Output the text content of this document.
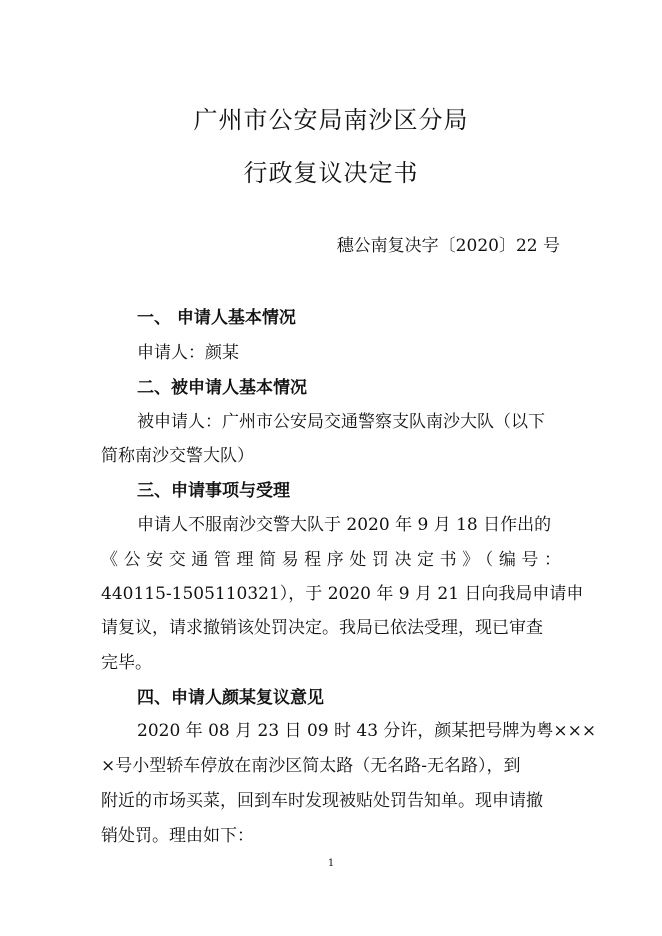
广州市公安局南沙区分局
行政复议决定书
穗公南复决字〔2020〕22 号
一、 申请人基本情况
申请人：颜某
二、被申请人基本情况
被申请人：广州市公安局交通警察支队南沙大队（以下
简称南沙交警大队）
三、申请事项与受理
申请人不服南沙交警大队于 2020 年 9 月 18 日作出的
《公安交通管理简易程序处罚决定书》（编号：
440115-1505110321），于 2020 年 9 月 21 日向我局申请申
请复议，请求撤销该处罚决定。我局已依法受理，现已审查
完毕。
四、申请人颜某复议意见
2020 年 08 月 23 日 09 时 43 分许，颜某把号牌为粤×××
×号小型轿车停放在南沙区简太路（无名路-无名路），到
附近的市场买菜，回到车时发现被贴处罚告知单。现申请撤
销处罚。理由如下：
1
